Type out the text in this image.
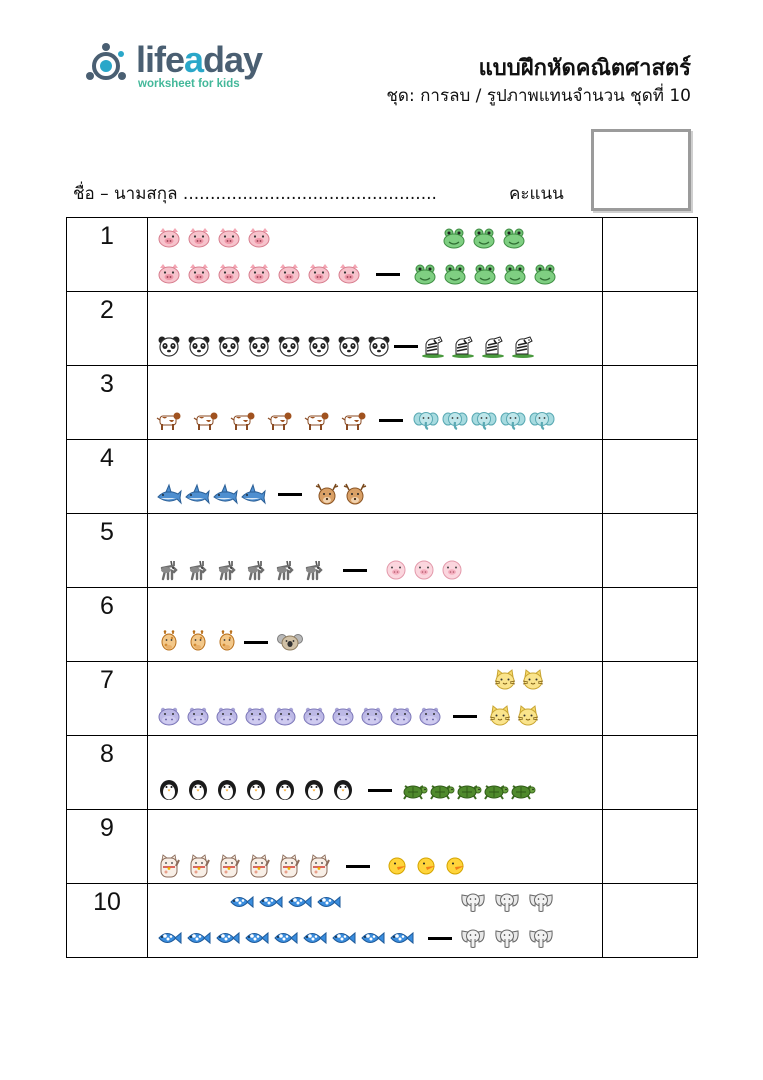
lifeaday
worksheet for kids
แบบฝึกหัดคณิตศาสตร์
ชุด: การลบ / รูปภาพแทนจำนวน ชุดที่ 10
ชื่อ – นามสกุล ...............................................	คะแนน
1	

2	

3	

4	

5	

6	

7	

8	

9	

10	
